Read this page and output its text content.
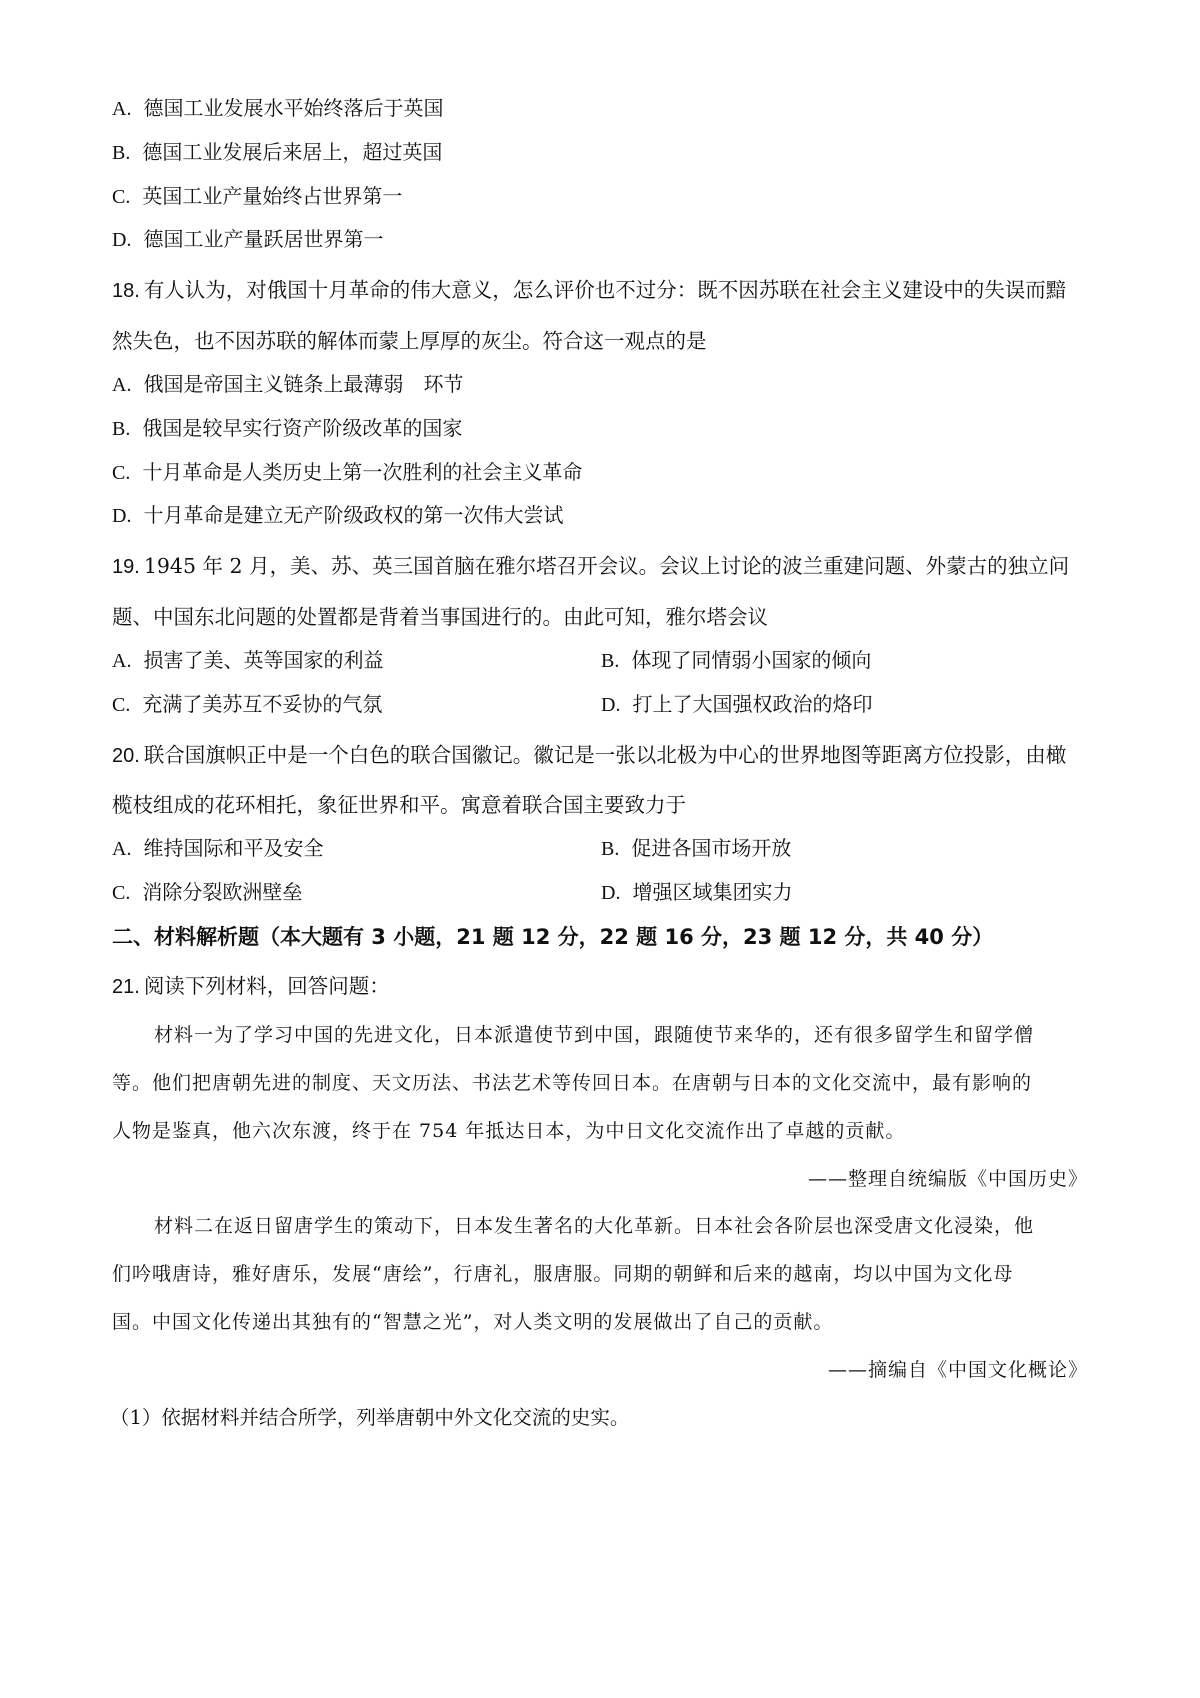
A. 德国工业发展水平始终落后于英国
B. 德国工业发展后来居上，超过英国
C. 英国工业产量始终占世界第一
D. 德国工业产量跃居世界第一
18. 有人认为，对俄国十月革命的伟大意义，怎么评价也不过分：既不因苏联在社会主义建设中的失误而黯
然失色，也不因苏联的解体而蒙上厚厚的灰尘。符合这一观点的是
A. 俄国是帝国主义链条上最薄弱　环节
B. 俄国是较早实行资产阶级改革的国家
C. 十月革命是人类历史上第一次胜利的社会主义革命
D. 十月革命是建立无产阶级政权的第一次伟大尝试
19. 1945 年 2 月，美、苏、英三国首脑在雅尔塔召开会议。会议上讨论的波兰重建问题、外蒙古的独立问
题、中国东北问题的处置都是背着当事国进行的。由此可知，雅尔塔会议
A. 损害了美、英等国家的利益	B. 体现了同情弱小国家的倾向
C. 充满了美苏互不妥协的气氛	D. 打上了大国强权政治的烙印
20. 联合国旗帜正中是一个白色的联合国徽记。徽记是一张以北极为中心的世界地图等距离方位投影，由橄
榄枝组成的花环相托，象征世界和平。寓意着联合国主要致力于
A. 维持国际和平及安全	B. 促进各国市场开放
C. 消除分裂欧洲壁垒	D. 增强区域集团实力
二、材料解析题（本大题有 3 小题，21 题 12 分，22 题 16 分，23 题 12 分，共 40 分）
21. 阅读下列材料，回答问题：
材料一为了学习中国的先进文化，日本派遣使节到中国，跟随使节来华的，还有很多留学生和留学僧
等。他们把唐朝先进的制度、天文历法、书法艺术等传回日本。在唐朝与日本的文化交流中，最有影响的
人物是鉴真，他六次东渡，终于在 754 年抵达日本，为中日文化交流作出了卓越的贡献。
——整理自统编版《中国历史》
材料二在返日留唐学生的策动下，日本发生著名的大化革新。日本社会各阶层也深受唐文化浸染，他
们吟哦唐诗，雅好唐乐，发展“唐绘”，行唐礼，服唐服。同期的朝鲜和后来的越南，均以中国为文化母
国。中国文化传递出其独有的“智慧之光”，对人类文明的发展做出了自己的贡献。
——摘编自《中国文化概论》
（1）依据材料并结合所学，列举唐朝中外文化交流的史实。
